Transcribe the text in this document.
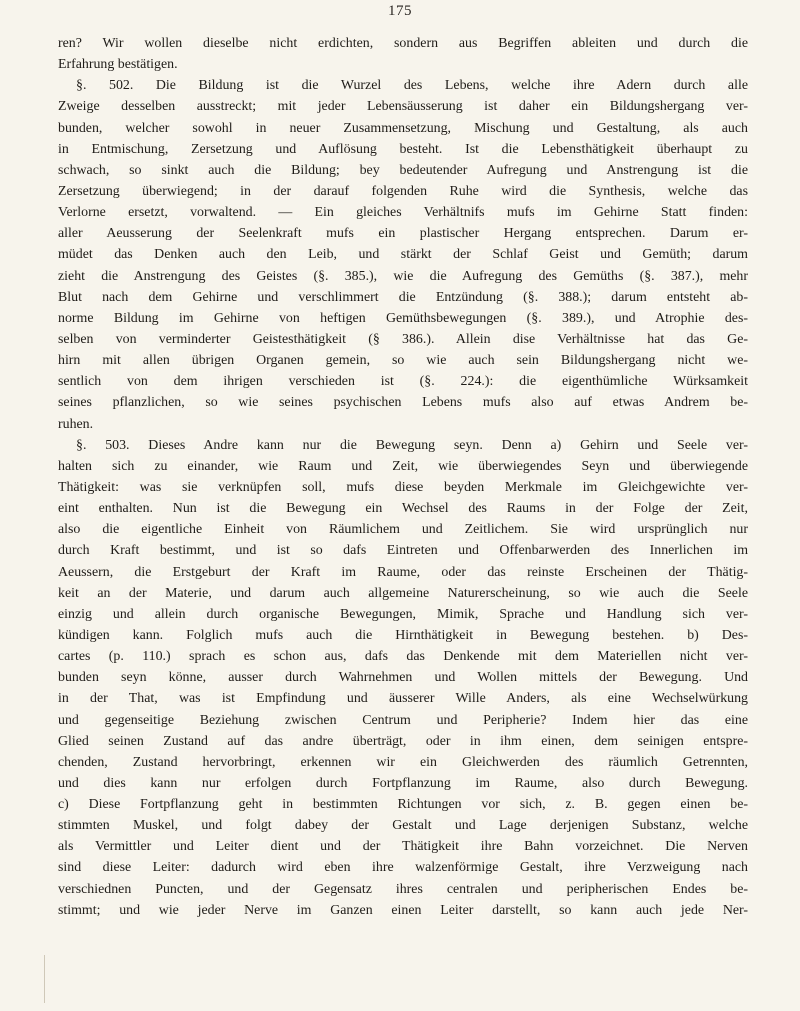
175
ren? Wir wollen dieselbe nicht erdichten, sondern aus Begriffen ableiten und durch die
Erfahrung bestätigen.
§. 502. Die Bildung ist die Wurzel des Lebens, welche ihre Adern durch alle
Zweige desselben ausstreckt; mit jeder Lebensäusserung ist daher ein Bildungshergang ver-
bunden, welcher sowohl in neuer Zusammensetzung, Mischung und Gestaltung, als auch
in Entmischung, Zersetzung und Auflösung besteht. Ist die Lebensthätigkeit überhaupt zu
schwach, so sinkt auch die Bildung; bey bedeutender Aufregung und Anstrengung ist die
Zersetzung überwiegend; in der darauf folgenden Ruhe wird die Synthesis, welche das
Verlorne ersetzt, vorwaltend. — Ein gleiches Verhältnifs mufs im Gehirne Statt finden:
aller Aeusserung der Seelenkraft mufs ein plastischer Hergang entsprechen. Darum er-
müdet das Denken auch den Leib, und stärkt der Schlaf Geist und Gemüth; darum
zieht die Anstrengung des Geistes (§. 385.), wie die Aufregung des Gemüths (§. 387.), mehr
Blut nach dem Gehirne und verschlimmert die Entzündung (§. 388.); darum entsteht ab-
norme Bildung im Gehirne von heftigen Gemüthsbewegungen (§. 389.), und Atrophie des-
selben von verminderter Geistesthätigkeit (§ 386.). Allein dise Verhältnisse hat das Ge-
hirn mit allen übrigen Organen gemein, so wie auch sein Bildungshergang nicht we-
sentlich von dem ihrigen verschieden ist (§. 224.): die eigenthümliche Würksamkeit
seines pflanzlichen, so wie seines psychischen Lebens mufs also auf etwas Andrem be-
ruhen.
§. 503. Dieses Andre kann nur die Bewegung seyn. Denn a) Gehirn und Seele ver-
halten sich zu einander, wie Raum und Zeit, wie überwiegendes Seyn und überwiegende
Thätigkeit: was sie verknüpfen soll, mufs diese beyden Merkmale im Gleichgewichte ver-
eint enthalten. Nun ist die Bewegung ein Wechsel des Raums in der Folge der Zeit,
also die eigentliche Einheit von Räumlichem und Zeitlichem. Sie wird ursprünglich nur
durch Kraft bestimmt, und ist so dafs Eintreten und Offenbarwerden des Innerlichen im
Aeussern, die Erstgeburt der Kraft im Raume, oder das reinste Erscheinen der Thätig-
keit an der Materie, und darum auch allgemeine Naturerscheinung, so wie auch die Seele
einzig und allein durch organische Bewegungen, Mimik, Sprache und Handlung sich ver-
kündigen kann. Folglich mufs auch die Hirnthätigkeit in Bewegung bestehen. b) Des-
cartes (p. 110.) sprach es schon aus, dafs das Denkende mit dem Materiellen nicht ver-
bunden seyn könne, ausser durch Wahrnehmen und Wollen mittels der Bewegung. Und
in der That, was ist Empfindung und äusserer Wille Anders, als eine Wechselwürkung
und gegenseitige Beziehung zwischen Centrum und Peripherie? Indem hier das eine
Glied seinen Zustand auf das andre überträgt, oder in ihm einen, dem seinigen entspre-
chenden, Zustand hervorbringt, erkennen wir ein Gleichwerden des räumlich Getrennten,
und dies kann nur erfolgen durch Fortpflanzung im Raume, also durch Bewegung.
c) Diese Fortpflanzung geht in bestimmten Richtungen vor sich, z. B. gegen einen be-
stimmten Muskel, und folgt dabey der Gestalt und Lage derjenigen Substanz, welche
als Vermittler und Leiter dient und der Thätigkeit ihre Bahn vorzeichnet. Die Nerven
sind diese Leiter: dadurch wird eben ihre walzenförmige Gestalt, ihre Verzweigung nach
verschiednen Puncten, und der Gegensatz ihres centralen und peripherischen Endes be-
stimmt; und wie jeder Nerve im Ganzen einen Leiter darstellt, so kann auch jede Ner-
